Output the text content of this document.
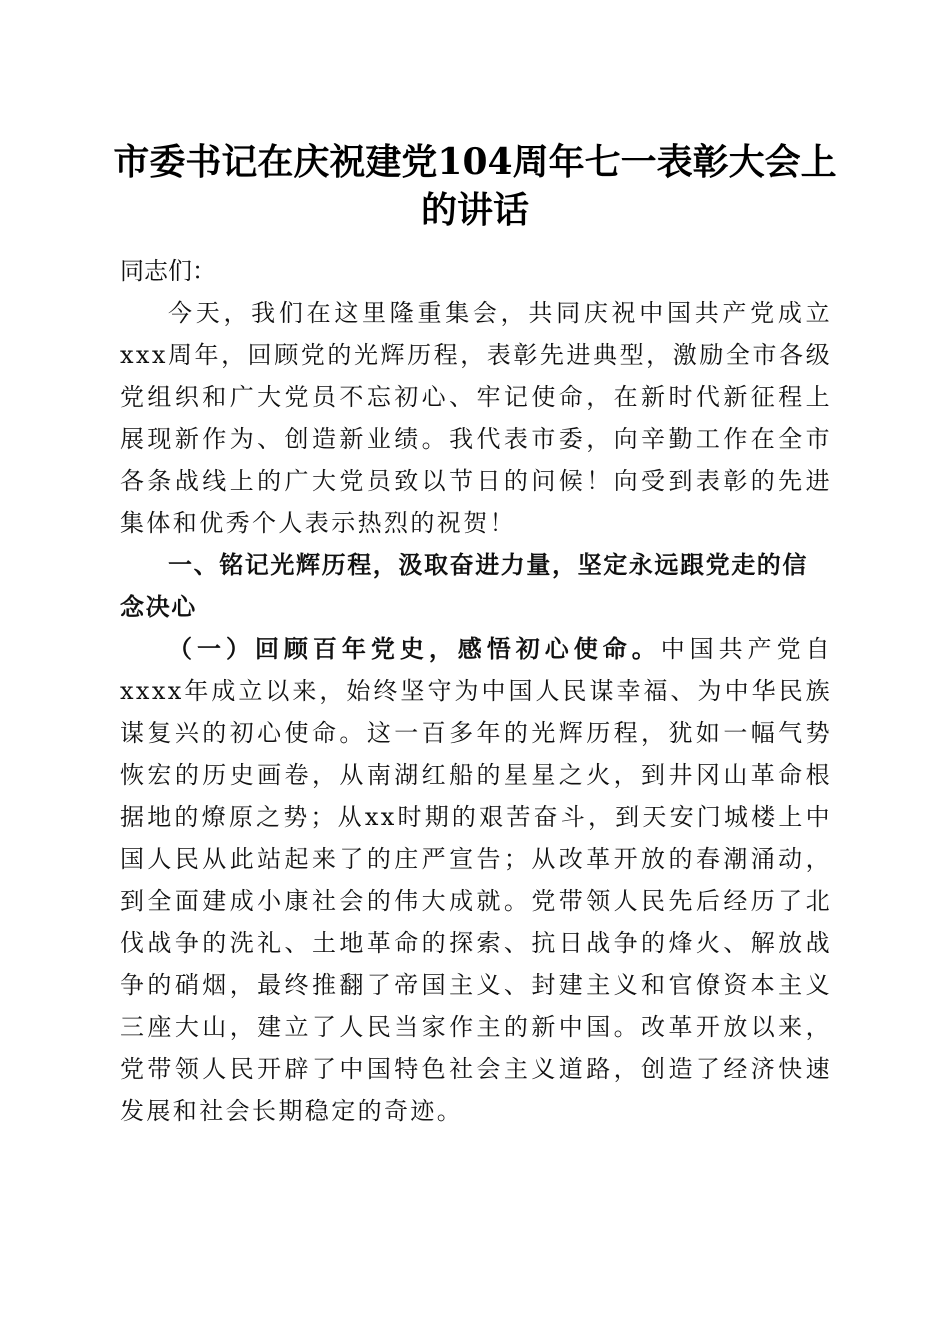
市委书记在庆祝建党104周年七一表彰大会上
的讲话

同志们：

今天，我们在这里隆重集会，共同庆祝中国共产党成立xxx周年，回顾党的光辉历程，表彰先进典型，激励全市各级党组织和广大党员不忘初心、牢记使命，在新时代新征程上展现新作为、创造新业绩。我代表市委，向辛勤工作在全市各条战线上的广大党员致以节日的问候！向受到表彰的先进集体和优秀个人表示热烈的祝贺！

一、铭记光辉历程，汲取奋进力量，坚定永远跟党走的信念决心

（一）回顾百年党史，感悟初心使命。中国共产党自xxxx年成立以来，始终坚守为中国人民谋幸福、为中华民族谋复兴的初心使命。这一百多年的光辉历程，犹如一幅气势恢宏的历史画卷，从南湖红船的星星之火，到井冈山革命根据地的燎原之势；从xx时期的艰苦奋斗，到天安门城楼上中国人民从此站起来了的庄严宣告；从改革开放的春潮涌动，到全面建成小康社会的伟大成就。党带领人民先后经历了北伐战争的洗礼、土地革命的探索、抗日战争的烽火、解放战争的硝烟，最终推翻了帝国主义、封建主义和官僚资本主义三座大山，建立了人民当家作主的新中国。改革开放以来，党带领人民开辟了中国特色社会主义道路，创造了经济快速发展和社会长期稳定的奇迹。
